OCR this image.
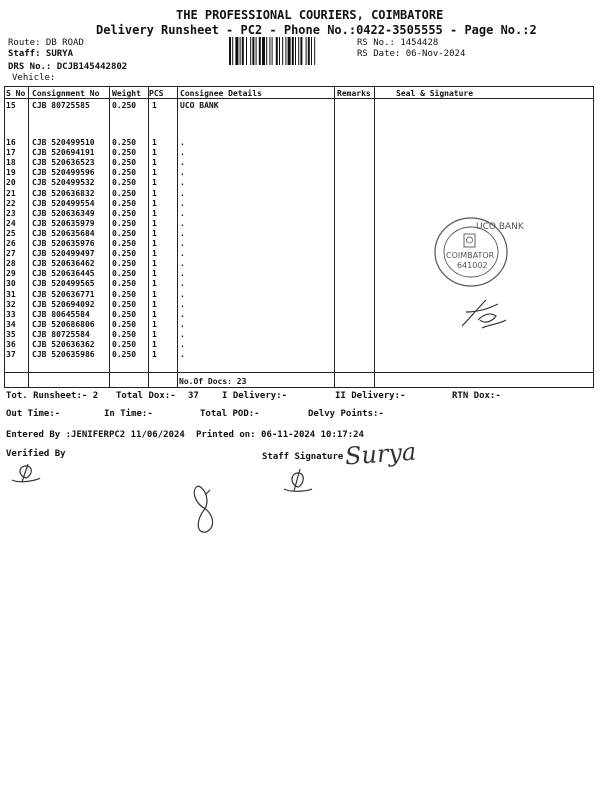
THE PROFESSIONAL COURIERS, COIMBATORE
Delivery Runsheet - PC2 - Phone No.:0422-3505555 - Page No.:2
Route: DB ROAD
Staff: SURYA
DRS No.: DCJB145442802
Vehicle:
RS No.: 1454428
RS Date: 06-Nov-2024
S No Consignment No Weight PCS Consignee Details	Remarks	Seal & Signature
15 CJB 80725585	0.250 1	UCO BANK
16 CJB 520499510 0.250 1	.
17 CJB 520694191 0.250 1	.
18 CJB 520636523 0.250 1	.
19 CJB 520499596 0.250 1	.
20 CJB 520499532 0.250 1	.
21 CJB 520636832 0.250 1	.
22 CJB 520499554 0.250 1	.
23 CJB 520636349 0.250 1	.
24 CJB 520635979 0.250 1	.
25 CJB 520635684 0.250 1	.
26 CJB 520635976 0.250 1	.
27 CJB 520499497 0.250 1	.
28 CJB 520636462 0.250 1	.
29 CJB 520636445 0.250 1	.
30 CJB 520499565 0.250 1	.
31 CJB 520636771 0.250 1	.
32 CJB 520694092 0.250 1	.
33 CJB 80645584	0.250 1	.
34 CJB 520686806 0.250 1	.
35 CJB 80725584	0.250 1	.
36 CJB 520636362 0.250 1	.
37 CJB 520635986 0.250 1	.
No.Of Docs: 23
UCO BANK
COIMBATOR
641002
Tot. Runsheet:- 2 Total Dox:- 37	I Delivery:-	II Delivery:-	RTN Dox:-
Out Time:-	In Time:-	Total POD:-	Delvy Points:-
Entered By :JENIFERPC2 11/06/2024 Printed on: 06-11-2024 10:17:24
Verified By	Staff Signature Surya
